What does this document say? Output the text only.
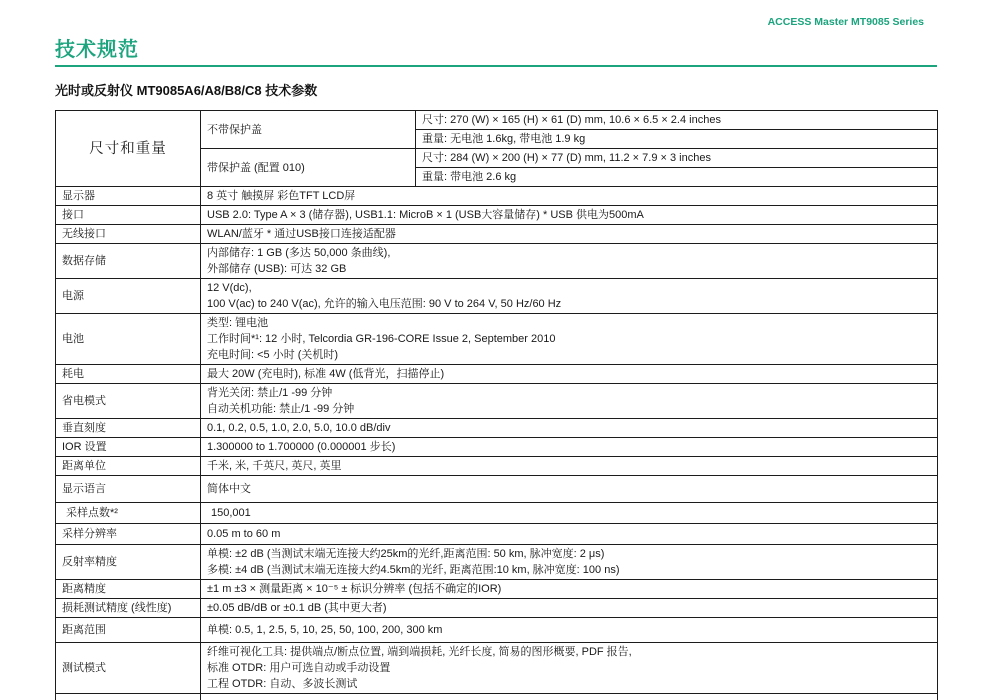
ACCESS Master MT9085 Series
技术规范
光时或反射仪 MT9085A6/A8/B8/C8 技术参数
尺寸和重量	不带保护盖	尺寸: 270 (W) × 165 (H) × 61 (D) mm, 10.6 × 6.5 × 2.4 inches
		重量: 无电池 1.6kg, 带电池 1.9 kg
	带保护盖 (配置 010)	尺寸: 284 (W) × 200 (H) × 77 (D) mm, 11.2 × 7.9 × 3 inches
		重量: 带电池 2.6 kg
显示器	8 英寸 触摸屏 彩色TFT LCD屏	

接口	USB 2.0: Type A × 3 (储存器), USB1.1: MicroB × 1 (USB大容量储存) * USB 供电为500mA	

无线接口	WLAN/蓝牙 * 通过USB接口连接适配器	

数据存储	内部储存: 1 GB (多达 50,000 条曲线),
外部储存 (USB): 可达 32 GB	

电源	12 V(dc),
100 V(ac) to 240 V(ac), 允许的输入电压范围: 90 V to 264 V, 50 Hz/60 Hz	

电池	类型: 锂电池
工作时间*¹: 12 小时, Telcordia GR-196-CORE Issue 2, September 2010
充电时间: <5 小时 (关机时)	

耗电	最大 20W (充电时), 标准 4W (低背光，扫描停止)	

省电模式	背光关闭: 禁止/1 -99 分钟
自动关机功能: 禁止/1 -99 分钟	

垂直刻度	0.1, 0.2, 0.5, 1.0, 2.0, 5.0, 10.0 dB/div	

IOR 设置	1.300000 to 1.700000 (0.000001 步长)	

距离单位	千米, 米, 千英尺, 英尺, 英里	

显示语言	简体中文	

采样点数*²	150,001	

采样分辨率	0.05 m to 60 m	

反射率精度	单模: ±2 dB (当测试末端无连接大约25km的光纤,距离范围: 50 km, 脉冲宽度: 2 μs)
多模: ±4 dB (当测试末端无连接大约4.5km的光纤, 距离范围:10 km, 脉冲宽度: 100 ns)	

距离精度	±1 m ±3 × 测量距离 × 10⁻⁵ ± 标识分辨率 (包括不确定的IOR)	

损耗测试精度 (线性度)	±0.05 dB/dB or ±0.1 dB (其中更大者)	

距离范围	单模: 0.5, 1, 2.5, 5, 10, 25, 50, 100, 200, 300 km	

测试模式	纤维可视化工具: 提供端点/断点位置, 端到端损耗, 光纤长度, 简易的图形概要, PDF 报告,
标准 OTDR: 用户可选自动或手动设置
工程 OTDR: 自动、多波长测试	
